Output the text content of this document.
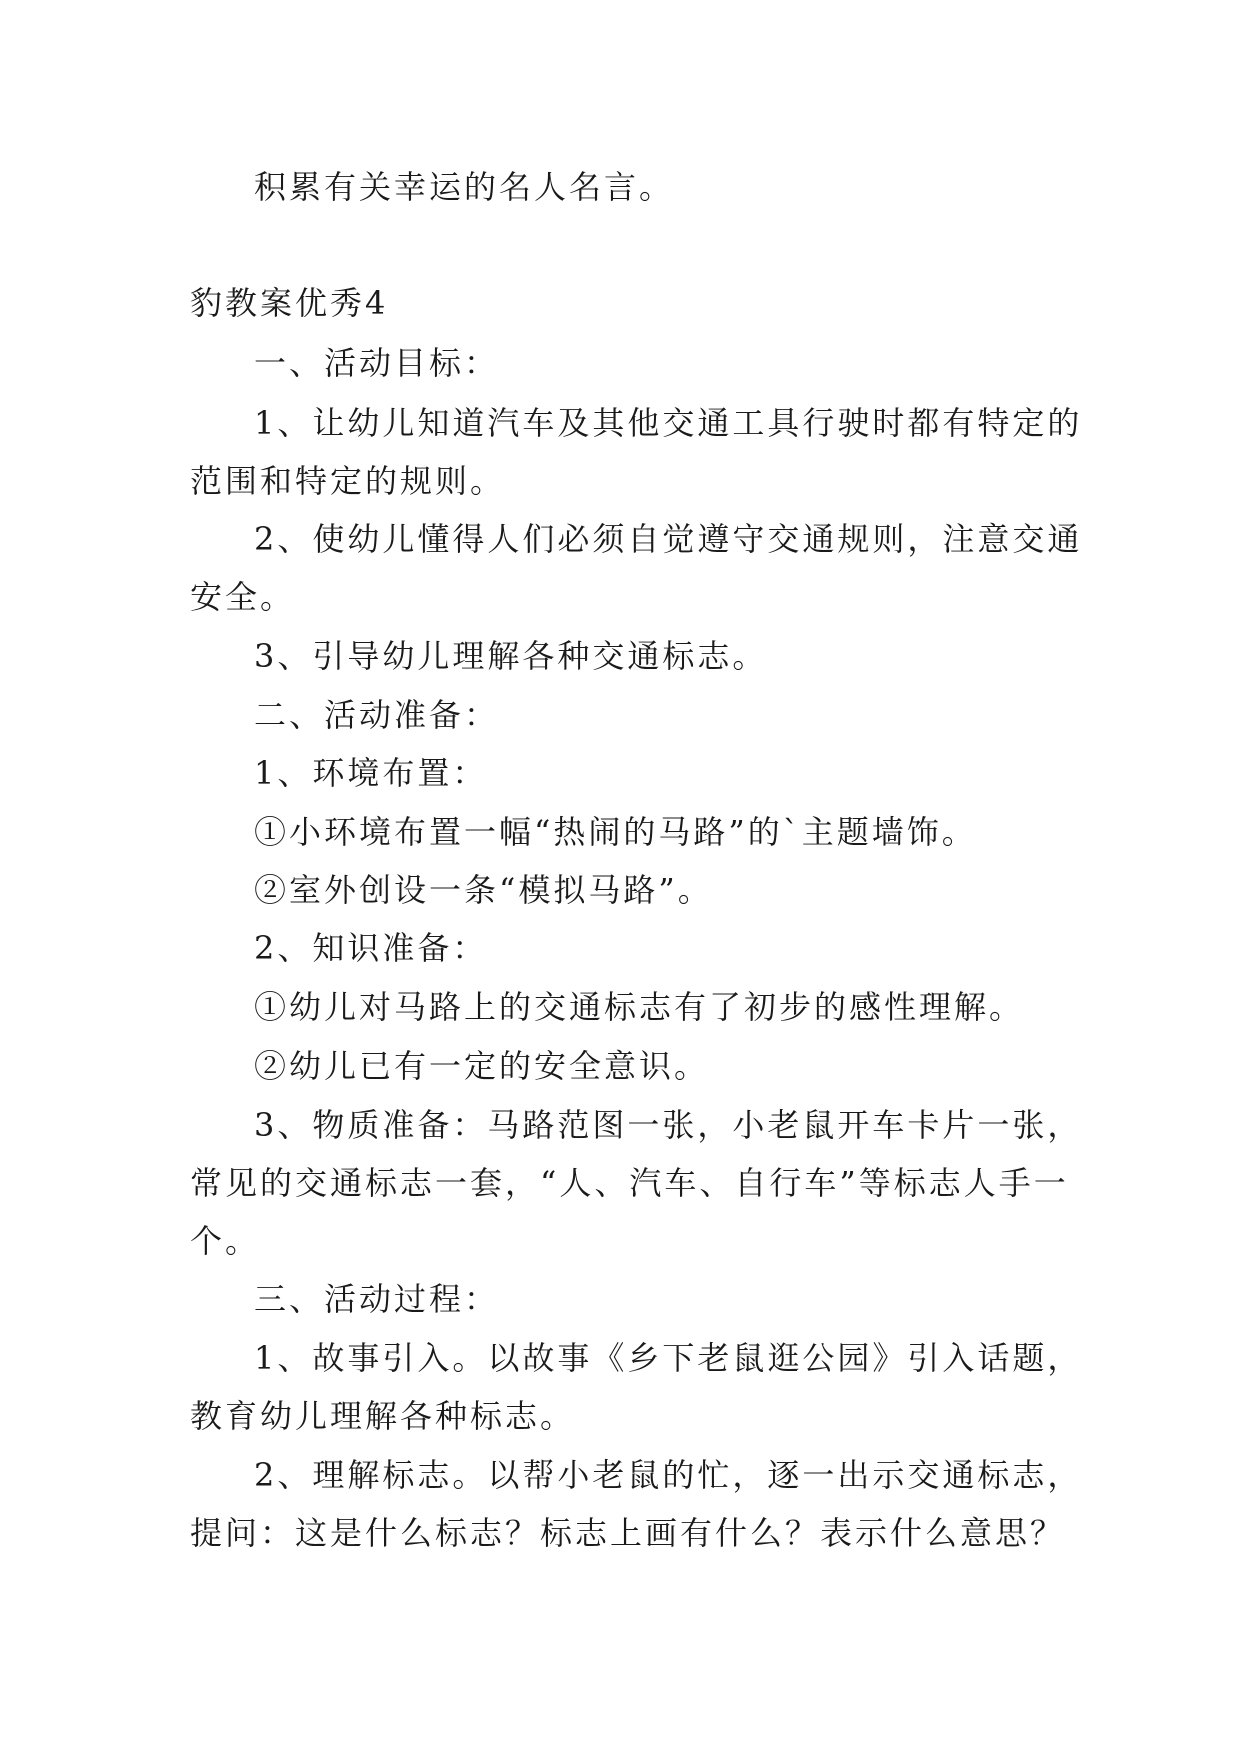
积累有关幸运的名人名言。
豹教案优秀4
一、活动目标：
1、让幼儿知道汽车及其他交通工具行驶时都有特定的
范围和特定的规则。
2、使幼儿懂得人们必须自觉遵守交通规则，注意交通
安全。
3、引导幼儿理解各种交通标志。
二、活动准备：
1、环境布置：
①小环境布置一幅“热闹的马路”的`主题墙饰。
②室外创设一条“模拟马路”。
2、知识准备：
①幼儿对马路上的交通标志有了初步的感性理解。
②幼儿已有一定的安全意识。
3、物质准备：马路范图一张，小老鼠开车卡片一张，
常见的交通标志一套，“人、汽车、自行车”等标志人手一
个。
三、活动过程：
1、故事引入。以故事《乡下老鼠逛公园》引入话题，
教育幼儿理解各种标志。
2、理解标志。以帮小老鼠的忙，逐一出示交通标志，
提问：这是什么标志？标志上画有什么？表示什么意思？
